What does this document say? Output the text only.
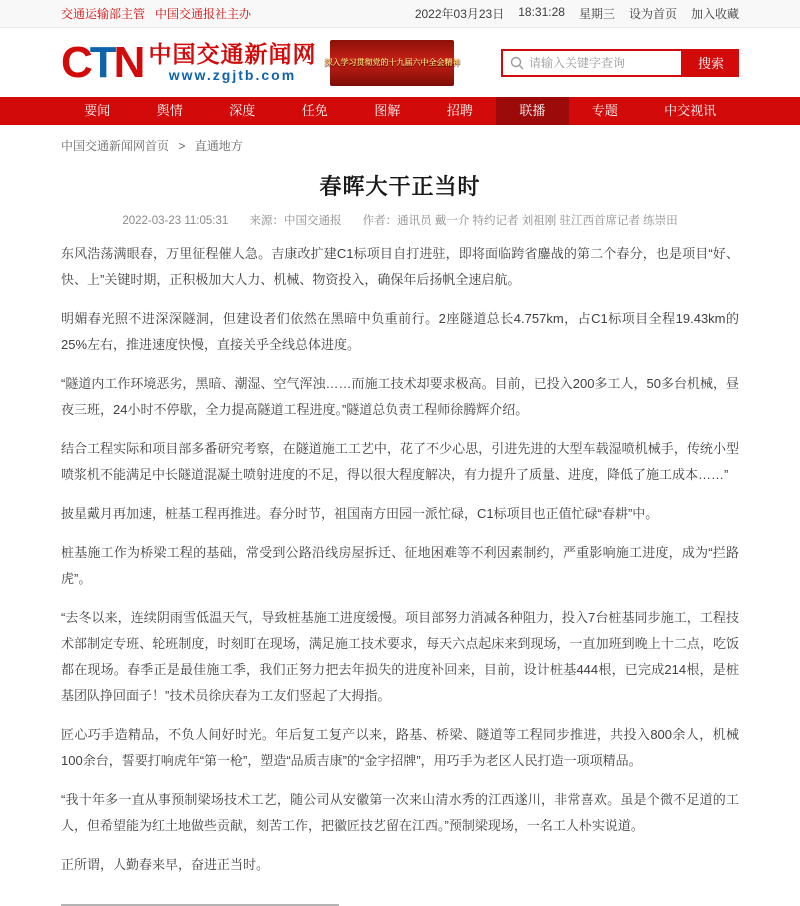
交通运输部主管 中国交通报社主办	2022年03月23日 18:31:28 星期三 设为首页 加入收藏
CTN 中国交通新闻网
www.zgjtb.com
深入学习贯彻党的十九届六中全会精神
请输入关键字查询	搜索
要闻	舆情	深度	任免	图解	招聘	联播	专题	中交视讯
中国交通新闻网首页 > 直通地方
春晖大干正当时
2022-03-23 11:05:31 来源：中国交通报 作者：通讯员 戴一介 特约记者 刘祖刚 驻江西首席记者 练崇田

东风浩荡满眼春，万里征程催人急。吉康改扩建C1标项目自打进驻，即将面临跨省鏖战的第二个春分，也是项目“好、快、上”关键时期，正积极加大人力、机械、物资投入，确保年后扬帆全速启航。

明媚春光照不进深深隧洞，但建设者们依然在黑暗中负重前行。2座隧道总长4.757km，占C1标项目全程19.43km的25%左右，推进速度快慢，直接关乎全线总体进度。

“隧道内工作环境恶劣，黑暗、潮湿、空气浑浊……而施工技术却要求极高。目前，已投入200多工人，50多台机械，昼夜三班，24小时不停歇，全力提高隧道工程进度。”隧道总负责工程师徐腾辉介绍。

结合工程实际和项目部多番研究考察，在隧道施工工艺中，花了不少心思，引进先进的大型车载湿喷机械手，传统小型喷浆机不能满足中长隧道混凝土喷射进度的不足，得以很大程度解决，有力提升了质量、进度，降低了施工成本……”

披星戴月再加速，桩基工程再推进。春分时节，祖国南方田园一派忙碌，C1标项目也正值忙碌“春耕”中。

桩基施工作为桥梁工程的基础，常受到公路沿线房屋拆迁、征地困难等不利因素制约，严重影响施工进度，成为“拦路虎”。

“去冬以来，连续阴雨雪低温天气，导致桩基施工进度缓慢。项目部努力消减各种阻力，投入7台桩基同步施工，工程技术部制定专班、轮班制度，时刻盯在现场，满足施工技术要求，每天六点起床来到现场，一直加班到晚上十二点，吃饭都在现场。春季正是最佳施工季，我们正努力把去年损失的进度补回来，目前，设计桩基444根，已完成214根，是桩基团队挣回面子！”技术员徐庆春为工友们竖起了大拇指。

匠心巧手造精品，不负人间好时光。年后复工复产以来，路基、桥梁、隧道等工程同步推进，共投入800余人，机械100余台，誓要打响虎年“第一枪”，塑造“品质吉康”的“金字招牌”，用巧手为老区人民打造一项项精品。

“我十年多一直从事预制梁场技术工艺，随公司从安徽第一次来山清水秀的江西遂川，非常喜欢。虽是个微不足道的工人，但希望能为红土地做些贡献，刻苦工作，把徽匠技艺留在江西。”预制梁现场，一名工人朴实说道。

正所谓，人勤春来早，奋进正当时。
